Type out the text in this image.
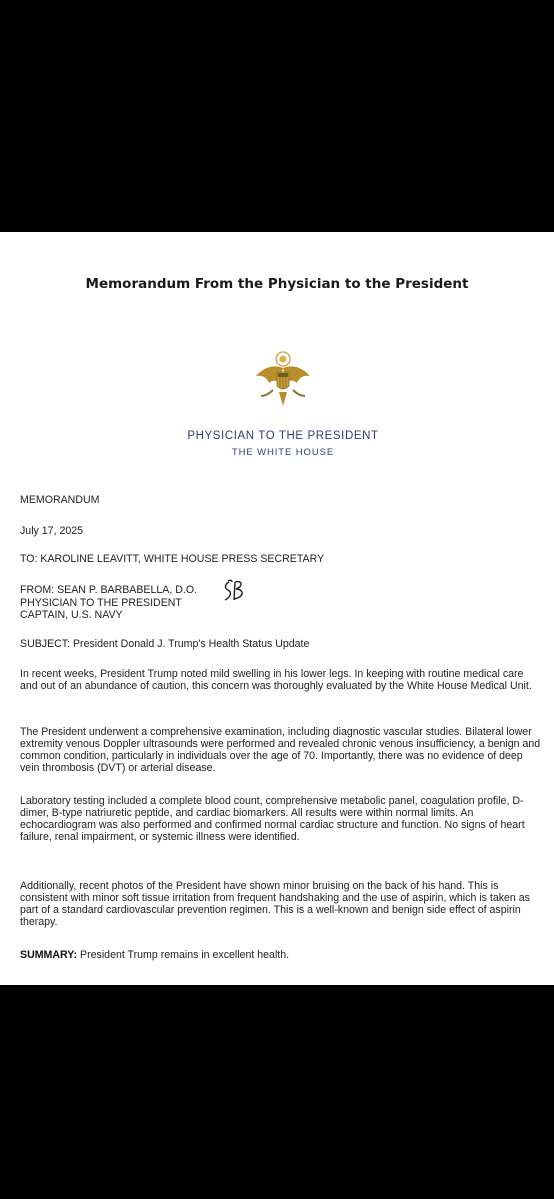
Memorandum From the Physician to the President
PHYSICIAN TO THE PRESIDENT
THE WHITE HOUSE
MEMORANDUM
July 17, 2025
TO: KAROLINE LEAVITT, WHITE HOUSE PRESS SECRETARY
FROM: SEAN P. BARBABELLA, D.O.
PHYSICIAN TO THE PRESIDENT
CAPTAIN, U.S. NAVY
SUBJECT: President Donald J. Trump's Health Status Update
In recent weeks, President Trump noted mild swelling in his lower legs. In keeping with routine medical care and out of an abundance of caution, this concern was thoroughly evaluated by the White House Medical Unit.
The President underwent a comprehensive examination, including diagnostic vascular studies. Bilateral lower extremity venous Doppler ultrasounds were performed and revealed chronic venous insufficiency, a benign and common condition, particularly in individuals over the age of 70. Importantly, there was no evidence of deep vein thrombosis (DVT) or arterial disease.
Laboratory testing included a complete blood count, comprehensive metabolic panel, coagulation profile, D-dimer, B-type natriuretic peptide, and cardiac biomarkers. All results were within normal limits. An echocardiogram was also performed and confirmed normal cardiac structure and function. No signs of heart failure, renal impairment, or systemic illness were identified.
Additionally, recent photos of the President have shown minor bruising on the back of his hand. This is consistent with minor soft tissue irritation from frequent handshaking and the use of aspirin, which is taken as part of a standard cardiovascular prevention regimen. This is a well-known and benign side effect of aspirin therapy.
SUMMARY: President Trump remains in excellent health.
